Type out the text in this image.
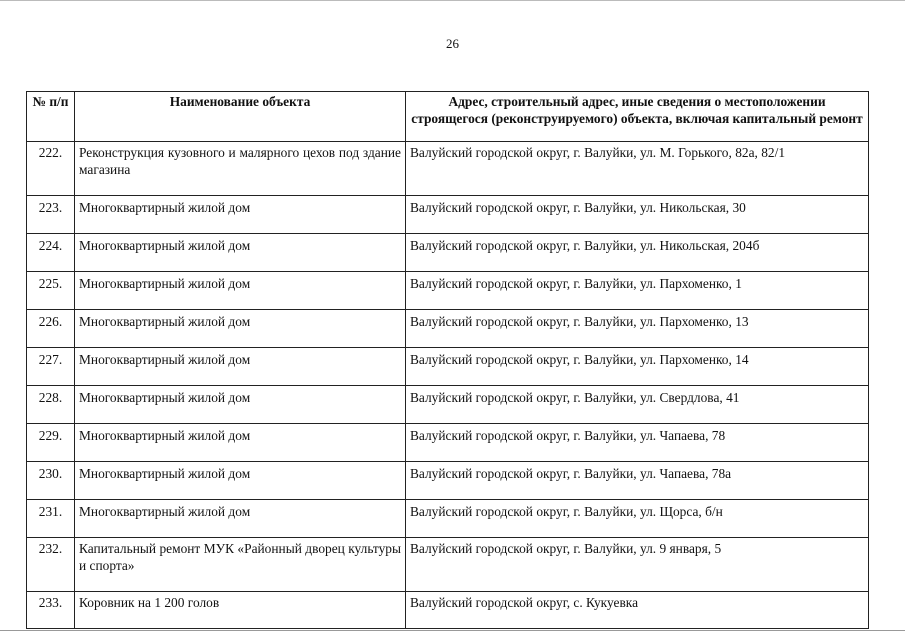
26
№ п/п	Наименование объекта	Адрес, строительный адрес, иные сведения о местоположении строящегося (реконструируемого) объекта, включая капитальный ремонт
222.	Реконструкция кузовного и малярного цехов под здание магазина	Валуйский городской округ, г. Валуйки, ул. М. Горького, 82а, 82/1
223.	Многоквартирный жилой дом	Валуйский городской округ, г. Валуйки, ул. Никольская, 30
224.	Многоквартирный жилой дом	Валуйский городской округ, г. Валуйки, ул. Никольская, 204б
225.	Многоквартирный жилой дом	Валуйский городской округ, г. Валуйки, ул. Пархоменко, 1
226.	Многоквартирный жилой дом	Валуйский городской округ, г. Валуйки, ул. Пархоменко, 13
227.	Многоквартирный жилой дом	Валуйский городской округ, г. Валуйки, ул. Пархоменко, 14
228.	Многоквартирный жилой дом	Валуйский городской округ, г. Валуйки, ул. Свердлова, 41
229.	Многоквартирный жилой дом	Валуйский городской округ, г. Валуйки, ул. Чапаева, 78
230.	Многоквартирный жилой дом	Валуйский городской округ, г. Валуйки, ул. Чапаева, 78а
231.	Многоквартирный жилой дом	Валуйский городской округ, г. Валуйки, ул. Щорса, б/н
232.	Капитальный ремонт МУК «Районный дворец культуры и спорта»	Валуйский городской округ, г. Валуйки, ул. 9 января, 5
233.	Коровник на 1 200 голов	Валуйский городской округ, с. Кукуевка
